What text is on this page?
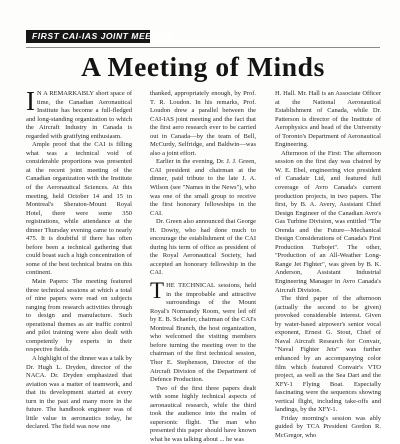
FIRST CAI-IAS JOINT MEETING
A Meeting of Minds

IN A REMARKABLY short space of time, the Canadian Aeronautical Institute has become a full-fledged and long-standing organization to which the Aircraft Industry in Canada is regarded with gratifying enthusiasm.

Ample proof that the CAI is filling what was a technical void of considerable proportions was presented at the recent joint meeting of the Canadian organization with the Institute of the Aeronautical Sciences. At this meeting, held October 14 and 15 in Montreal's Sheraton-Mount Royal Hotel, there were some 350 registrations, while attendance at the dinner Thursday evening came to nearly 475. It is doubtful if there has often before been a technical gathering that could boast such a high concentration of some of the best technical brains on this continent.

Main Papers: The meeting featured three technical sessions at which a total of nine papers were read on subjects ranging from research activities through to design and manufacture. Such operational themes as air traffic control and pilot training were also dealt with competently by experts in their respective fields.

A highlight of the dinner was a talk by Dr. Hugh L. Dryden, director of the NACA. Dr. Dryden emphasized that aviation was a matter of teamwork, and that its development started at every turn in the past and many more in the future. The handbook engineer was of little value in aeronautics today, he declared. The field was now one

thanked, appropriately enough, by Prof. T. R. Loudon. In his remarks, Prof. Loudon drew a parallel between the CAI-IAS joint meeting and the fact that the first aero research ever to be carried out in Canada—by the team of Bell, McCurdy, Selfridge, and Baldwin—was also a joint effort.

Earlier in the evening, Dr. J. J. Green, CAI president and chairman at the dinner, paid tribute to the late J. A. Wilson (see "Names in the News"), who was one of the small group to receive the first honorary fellowships in the CAI.

Dr. Green also announced that George H. Dowty, who had done much to encourage the establishment of the CAI during his term of office as president of the Royal Aeronautical Society, had accepted an honorary fellowship in the CAI.

THE TECHNICAL sessions, held in the improbable and attractive surroundings of the Mount Royal's Normandy Room, were led off by E. B. Schaefer, chairman of the CAI's Montreal Branch, the host organization, who welcomed the visiting members before turning the meeting over to the chairman of the first technical session, Thor E. Stephenson, Director of the Aircraft Division of the Department of Defence Production.

Two of the first three papers dealt with some highly technical aspects of aeronautical research, while the third took the audience into the realm of supersonic flight. The man who presented this paper should have known what he was talking about ... he was

H. Hall. Mr. Hall is an Associate Officer at the National Aeronautical Establishment of Canada, while Dr. Patterson is director of the Institute of Aerophysics and head of the University of Toronto's Department of Aeronautical Engineering.

Afternoon of the First: The afternoon session on the first day was chaired by W. E. Ebel, engineering vice president of Canadair Ltd, and featured full coverage of Avro Canada's current production projects, in two papers. The first, by B. A. Avery, Assistant Chief Design Engineer of the Canadian Avro's Gas Turbine Division, was entitled "The Orenda and the Future—Mechanical Design Considerations of Canada's First Production Turbojet". The other, "Production of an All-Weather Long-Range Jet Fighter", was given by B. K. Anderson, Assistant Industrial Engineering Manager in Avro Canada's Aircraft Division.

The third paper of the afternoon (actually the second to be given) provoked considerable interest. Given by water-based airpower's senior vocal exponent, Ernest G. Stout, Chief of Naval Aircraft Research for Convair, "Naval Fighter Jets" was further enhanced by an accompanying color film which featured Convair's VTO project, as well as the Sea Dart and the XFY-1 Flying Boat. Especially fascinating were the sequences showing vertical flight, including take-offs and landings, by the XFY-1.

Friday morning's session was ably guided by TCA President Gordon R. McGregor, who
